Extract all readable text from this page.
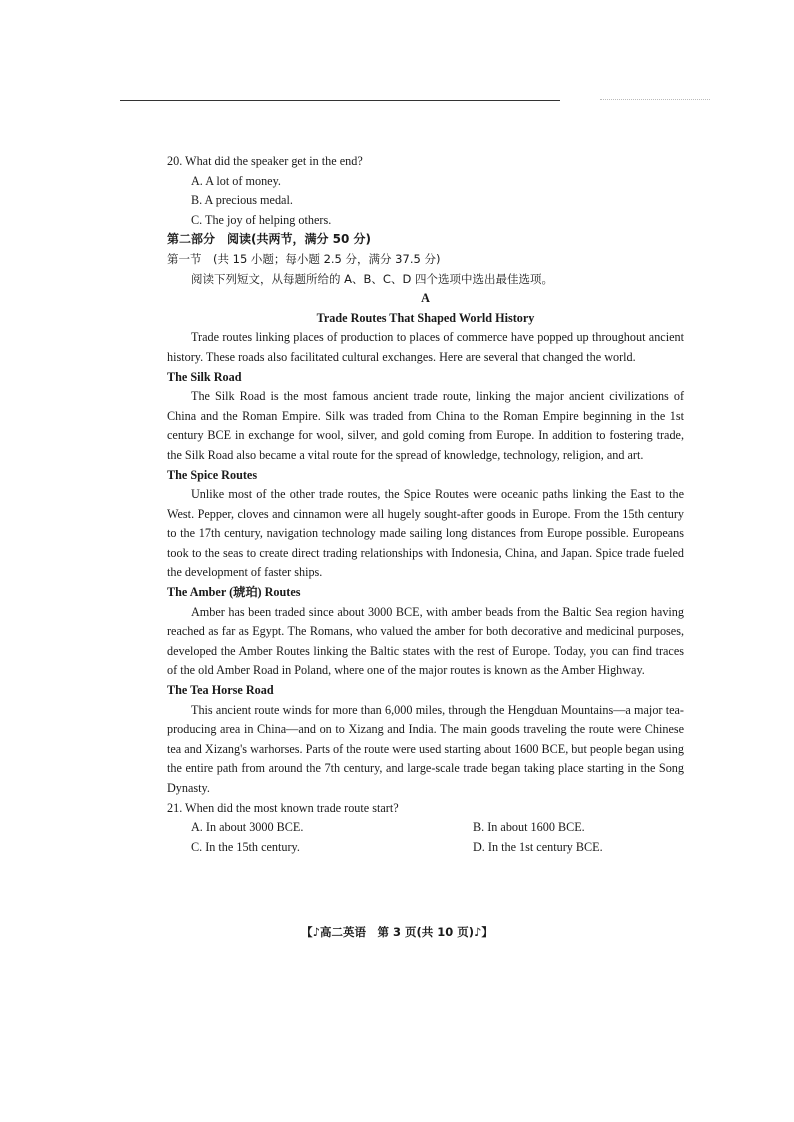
20. What did the speaker get in the end?

A. A lot of money.

B. A precious medal.

C. The joy of helping others.

第二部分　阅读(共两节，满分 50 分)

第一节　(共 15 小题；每小题 2.5 分，满分 37.5 分)

阅读下列短文，从每题所给的 A、B、C、D 四个选项中选出最佳选项。

A

Trade Routes That Shaped World History

Trade routes linking places of production to places of commerce have popped up throughout ancient history. These roads also facilitated cultural exchanges. Here are several that changed the world.

The Silk Road

The Silk Road is the most famous ancient trade route, linking the major ancient civilizations of China and the Roman Empire. Silk was traded from China to the Roman Empire beginning in the 1st century BCE in exchange for wool, silver, and gold coming from Europe. In addition to fostering trade, the Silk Road also became a vital route for the spread of knowledge, technology, religion, and art.

The Spice Routes

Unlike most of the other trade routes, the Spice Routes were oceanic paths linking the East to the West. Pepper, cloves and cinnamon were all hugely sought-after goods in Europe. From the 15th century to the 17th century, navigation technology made sailing long distances from Europe possible. Europeans took to the seas to create direct trading relationships with Indonesia, China, and Japan. Spice trade fueled the development of faster ships.

The Amber (琥珀) Routes

Amber has been traded since about 3000 BCE, with amber beads from the Baltic Sea region having reached as far as Egypt. The Romans, who valued the amber for both decorative and medicinal purposes, developed the Amber Routes linking the Baltic states with the rest of Europe. Today, you can find traces of the old Amber Road in Poland, where one of the major routes is known as the Amber Highway.

The Tea Horse Road

This ancient route winds for more than 6,000 miles, through the Hengduan Mountains—a major tea-producing area in China—and on to Xizang and India. The main goods traveling the route were Chinese tea and Xizang's warhorses. Parts of the route were used starting about 1600 BCE, but people began using the entire path from around the 7th century, and large-scale trade began taking place starting in the Song Dynasty.

21. When did the most known trade route start?

A. In about 3000 BCE.	B. In about 1600 BCE.
C. In the 15th century.	D. In the 1st century BCE.
【♪高二英语　第 3 页(共 10 页)♪】
